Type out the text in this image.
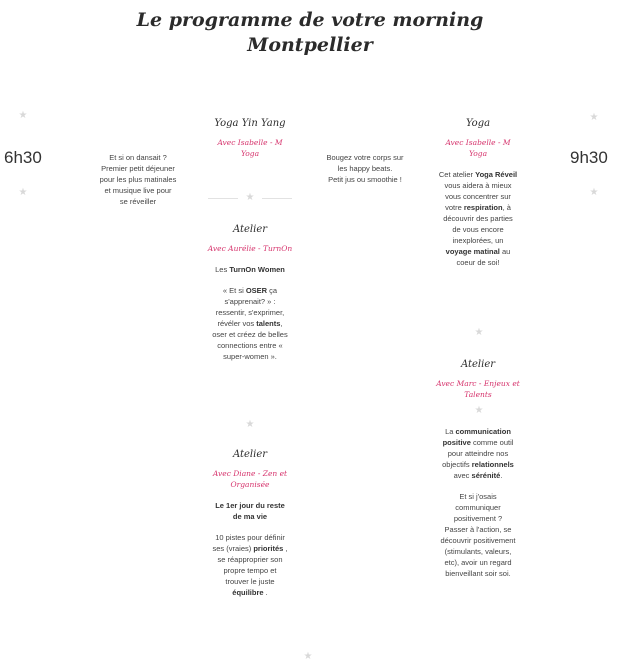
Le programme de votre morning
Montpellier
★
★
★
★
★
★
★
★
★
6h30	9h30

Et si on dansait ?

Premier petit déjeuner

pour les plus matinales

et musique live pour

se réveiller

Yoga Yin Yang

Avec Isabelle - M

Yoga	Bougez votre corps sur

les happy beats.

Petit jus ou smoothie !

Yoga

Avec Isabelle - M

Yoga

Cet atelier Yoga Réveil

vous aidera à mieux

vous concentrer sur

votre respiration, à

découvrir des parties

de vous encore

inexplorées, un

voyage matinal au

coeur de soi!

Atelier

Avec Aurélie - TurnOn

Les TurnOn Women

« Et si OSER ça

s'apprenait? » :

ressentir, s'exprimer,

révéler vos talents,

oser et créez de belles

connections entre «

super-women ».

Atelier

Avec Diane - Zen et

Organisée

Le 1er jour du reste

de ma vie

10 pistes pour définir

ses (vraies) priorités ,

se réapproprier son

propre tempo et

trouver le juste

équilibre .

Atelier

Avec Marc - Enjeux et

Talents

La communication

positive comme outil

pour atteindre nos

objectifs relationnels

avec sérénité.

Et si j'osais

communiquer

positivement ?

Passer à l'action, se

découvrir positivement

(stimulants, valeurs,

etc), avoir un regard

bienveillant soir soi.
